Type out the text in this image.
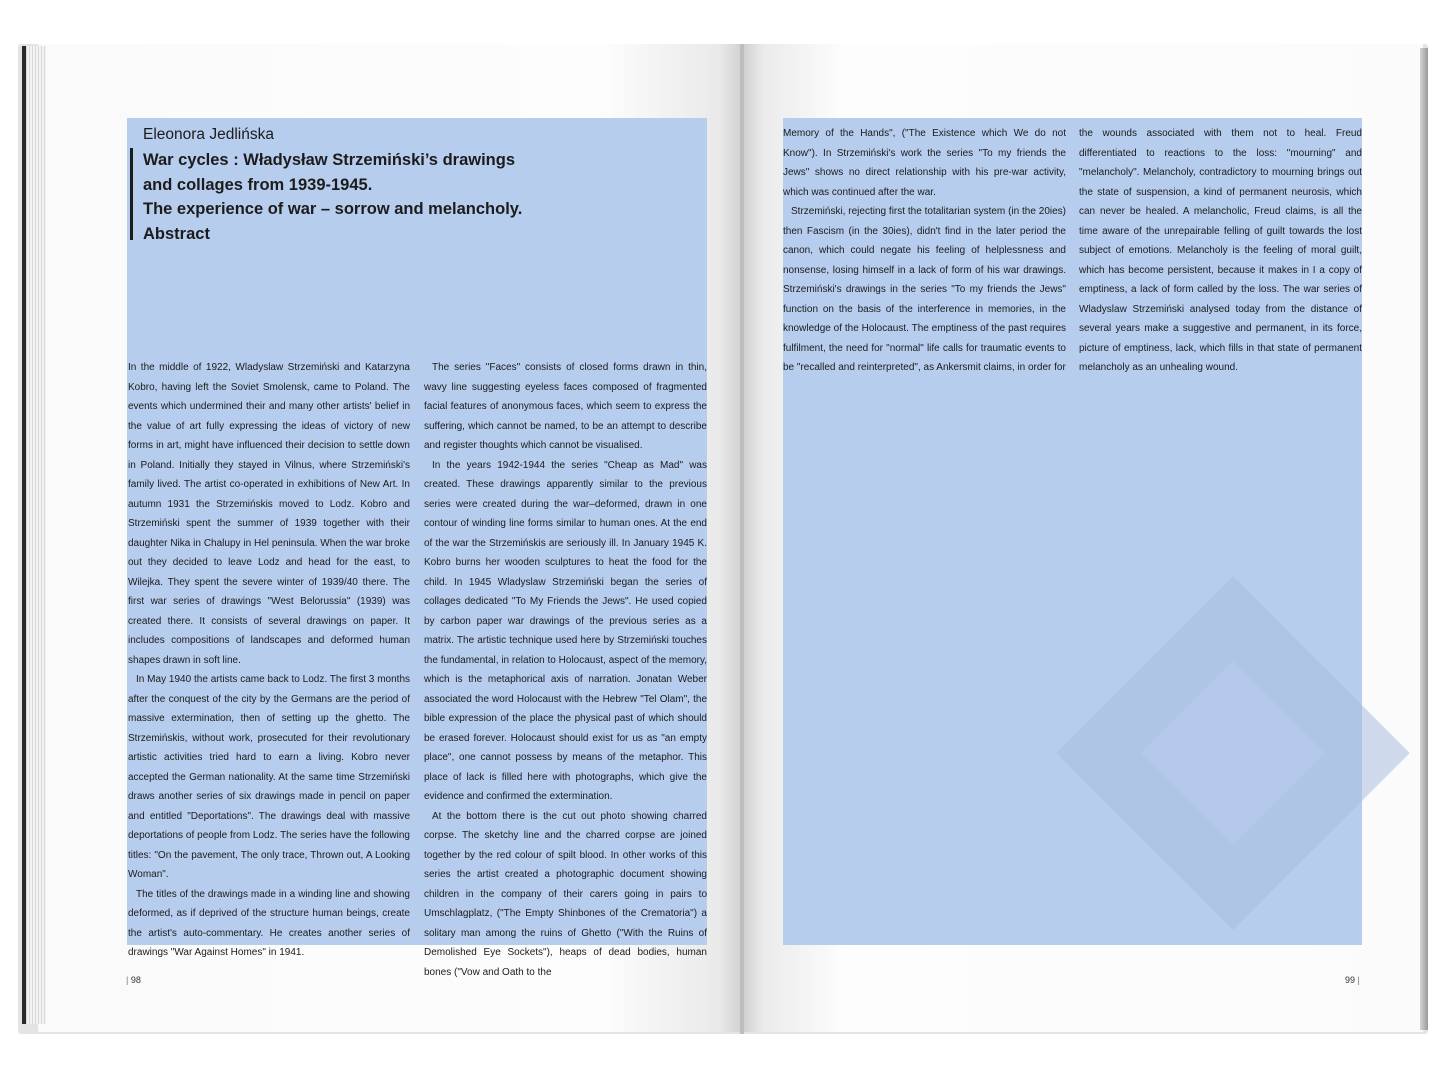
Eleonora Jedlińska
War cycles : Władysław Strzemiński’s drawings
and collages from 1939-1945.
The experience of war – sorrow and melancholy.
Abstract

In the middle of 1922, Wladyslaw Strzemiński and Katarzyna Kobro, having left the Soviet Smolensk, came to Poland. The events which undermined their and many other artists' belief in the value of art fully expressing the ideas of victory of new forms in art, might have influenced their decision to settle down in Poland. Initially they stayed in Vilnus, where Strzemiński's family lived. The artist co-operated in exhibitions of New Art. In autumn 1931 the Strzemińskis moved to Lodz. Kobro and Strzemiński spent the summer of 1939 together with their daughter Nika in Chalupy in Hel peninsula. When the war broke out they decided to leave Lodz and head for the east, to Wilejka. They spent the severe winter of 1939/40 there. The first war series of drawings "West Belorussia" (1939) was created there. It consists of several drawings on paper. It includes compositions of landscapes and deformed human shapes drawn in soft line.

In May 1940 the artists came back to Lodz. The first 3 months after the conquest of the city by the Germans are the period of massive extermination, then of setting up the ghetto. The Strzemińskis, without work, prosecuted for their revolutionary artistic activities tried hard to earn a living. Kobro never accepted the German nationality. At the same time Strzemiński draws another series of six drawings made in pencil on paper and entitled "Deportations". The drawings deal with massive deportations of people from Lodz. The series have the following titles: "On the pavement, The only trace, Thrown out, A Looking Woman".

The titles of the drawings made in a winding line and showing deformed, as if deprived of the structure human beings, create the artist's auto-commentary. He creates another series of drawings "War Against Homes" in 1941.

The series "Faces" consists of closed forms drawn in thin, wavy line suggesting eyeless faces composed of fragmented facial features of anonymous faces, which seem to express the suffering, which cannot be named, to be an attempt to describe and register thoughts which cannot be visualised.

In the years 1942-1944 the series "Cheap as Mad" was created. These drawings apparently similar to the previous series were created during the war–deformed, drawn in one contour of winding line forms similar to human ones. At the end of the war the Strzemińskis are seriously ill. In January 1945 K. Kobro burns her wooden sculptures to heat the food for the child. In 1945 Wladyslaw Strzemiński began the series of collages dedicated "To My Friends the Jews". He used copied by carbon paper war drawings of the previous series as a matrix. The artistic technique used here by Strzemiński touches the fundamental, in relation to Holocaust, aspect of the memory, which is the metaphorical axis of narration. Jonatan Weber associated the word Holocaust with the Hebrew "Tel Olam", the bible expression of the place the physical past of which should be erased forever. Holocaust should exist for us as "an empty place", one cannot possess by means of the metaphor. This place of lack is filled here with photographs, which give the evidence and confirmed the extermination.

At the bottom there is the cut out photo showing charred corpse. The sketchy line and the charred corpse are joined together by the red colour of spilt blood. In other works of this series the artist created a photographic document showing children in the company of their carers going in pairs to Umschlagplatz, ("The Empty Shinbones of the Crematoria") a solitary man among the ruins of Ghetto ("With the Ruins of Demolished Eye Sockets"), heaps of dead bodies, human bones ("Vow and Oath to the

Memory of the Hands", ("The Existence which We do not Know"). In Strzemiński's work the series "To my friends the Jews" shows no direct relationship with his pre-war activity, which was continued after the war.

Strzemiński, rejecting first the totalitarian system (in the 20ies) then Fascism (in the 30ies), didn't find in the later period the canon, which could negate his feeling of helplessness and nonsense, losing himself in a lack of form of his war drawings. Strzemiński's drawings in the series "To my friends the Jews" function on the basis of the interference in memories, in the knowledge of the Holocaust. The emptiness of the past requires fulfilment, the need for "normal" life calls for traumatic events to be "recalled and reinterpreted", as Ankersmit claims, in order for

the wounds associated with them not to heal. Freud differentiated to reactions to the loss: "mourning" and "melancholy". Melancholy, contradictory to mourning brings out the state of suspension, a kind of permanent neurosis, which can never be healed. A melancholic, Freud claims, is all the time aware of the unrepairable felling of guilt towards the lost subject of emotions. Melancholy is the feeling of moral guilt, which has become persistent, because it makes in I a copy of emptiness, a lack of form called by the loss. The war series of Wladyslaw Strzemiński analysed today from the distance of several years make a suggestive and permanent, in its force, picture of emptiness, lack, which fills in that state of permanent melancholy as an unhealing wound.

| 98	99 |
